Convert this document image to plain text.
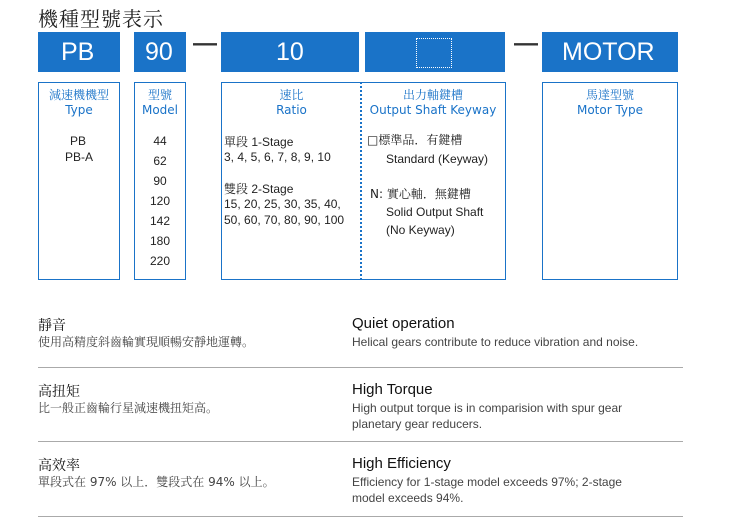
機種型號表示
PB	90 —	10	— MOTOR
減速機機型
Type
PB
PB-A
型號
Model
44
62
90
120
142
180
220
速比
Ratio
單段 1-Stage
3, 4, 5, 6, 7, 8, 9, 10
雙段 2-Stage
15, 20, 25, 30, 35, 40,
50, 60, 70, 80, 90, 100
出力軸鍵槽
Output Shaft Keyway
□標準品．有鍵槽
Standard (Keyway)
N: 實心軸．無鍵槽
Solid Output Shaft
(No Keyway)
馬達型號
Motor Type
靜音
使用高精度斜齒輪實現順暢安靜地運轉。
Quiet operation
Helical gears contribute to reduce vibration and noise.
高扭矩
比一般正齒輪行星減速機扭矩高。
High Torque
High output torque is in comparision with spur gear
planetary gear reducers.
高效率
單段式在 97% 以上．雙段式在 94% 以上。
High Efficiency
Efficiency for 1-stage model exceeds 97%; 2-stage
model exceeds 94%.
